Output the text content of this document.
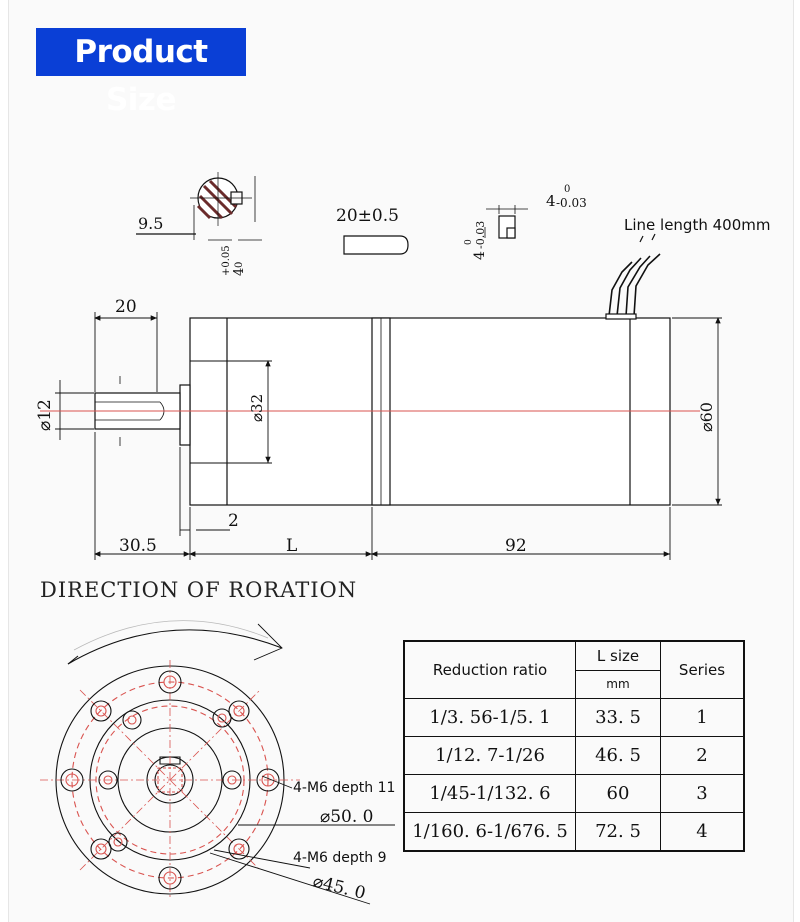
Product Size
9.5
4
+0.05 0
20±0.5
4
0
-0.03
4
0 -0.03
20
⌀12	⌀32	⌀60
30.5
2
L	92
Line length 400mm
4-M6 depth 11
4-M6 depth 9
⌀50. 0
⌀45. 0
DIRECTION OF RORATION
Reduction ratio	L size	Series
	mm	
1/3. 56-1/5. 1	33. 5	1
1/12. 7-1/26	46. 5	2
1/45-1/132. 6	60	3
1/160. 6-1/676. 5	72. 5	4
